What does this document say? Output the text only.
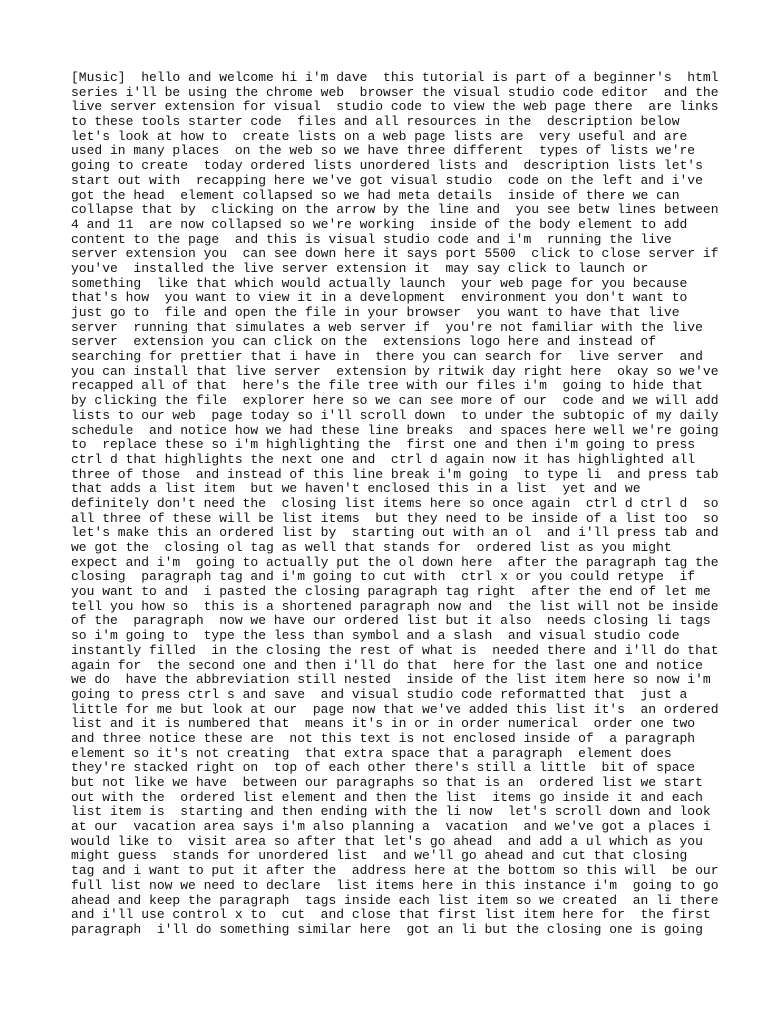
[Music]  hello and welcome hi i'm dave  this tutorial is part of a beginner's  html
series i'll be using the chrome web  browser the visual studio code editor  and the
live server extension for visual  studio code to view the web page there  are links
to these tools starter code  files and all resources in the  description below
let's look at how to  create lists on a web page lists are  very useful and are
used in many places  on the web so we have three different  types of lists we're
going to create  today ordered lists unordered lists and  description lists let's
start out with  recapping here we've got visual studio  code on the left and i've
got the head  element collapsed so we had meta details  inside of there we can
collapse that by  clicking on the arrow by the line and  you see betw lines between
4 and 11  are now collapsed so we're working  inside of the body element to add
content to the page  and this is visual studio code and i'm  running the live
server extension you  can see down here it says port 5500  click to close server if
you've  installed the live server extension it  may say click to launch or
something  like that which would actually launch  your web page for you because
that's how  you want to view it in a development  environment you don't want to
just go to  file and open the file in your browser  you want to have that live
server  running that simulates a web server if  you're not familiar with the live
server  extension you can click on the  extensions logo here and instead of
searching for prettier that i have in  there you can search for  live server  and
you can install that live server  extension by ritwik day right here  okay so we've
recapped all of that  here's the file tree with our files i'm  going to hide that
by clicking the file  explorer here so we can see more of our  code and we will add
lists to our web  page today so i'll scroll down  to under the subtopic of my daily
schedule  and notice how we had these line breaks  and spaces here well we're going
to  replace these so i'm highlighting the  first one and then i'm going to press
ctrl d that highlights the next one and  ctrl d again now it has highlighted all
three of those  and instead of this line break i'm going  to type li  and press tab
that adds a list item  but we haven't enclosed this in a list  yet and we
definitely don't need the  closing list items here so once again  ctrl d ctrl d  so
all three of these will be list items  but they need to be inside of a list too  so
let's make this an ordered list by  starting out with an ol  and i'll press tab and
we got the  closing ol tag as well that stands for  ordered list as you might
expect and i'm  going to actually put the ol down here  after the paragraph tag the
closing  paragraph tag and i'm going to cut with  ctrl x or you could retype  if
you want to and  i pasted the closing paragraph tag right  after the end of let me
tell you how so  this is a shortened paragraph now and  the list will not be inside
of the  paragraph  now we have our ordered list but it also  needs closing li tags
so i'm going to  type the less than symbol and a slash  and visual studio code
instantly filled  in the closing the rest of what is  needed there and i'll do that
again for  the second one and then i'll do that  here for the last one and notice
we do  have the abbreviation still nested  inside of the list item here so now i'm
going to press ctrl s and save  and visual studio code reformatted that  just a
little for me but look at our  page now that we've added this list it's  an ordered
list and it is numbered that  means it's in or in order numerical  order one two
and three notice these are  not this text is not enclosed inside of  a paragraph
element so it's not creating  that extra space that a paragraph  element does
they're stacked right on  top of each other there's still a little  bit of space
but not like we have  between our paragraphs so that is an  ordered list we start
out with the  ordered list element and then the list  items go inside it and each
list item is  starting and then ending with the li now  let's scroll down and look
at our  vacation area says i'm also planning a  vacation  and we've got a places i
would like to  visit area so after that let's go ahead  and add a ul which as you
might guess  stands for unordered list  and we'll go ahead and cut that closing
tag and i want to put it after the  address here at the bottom so this will  be our
full list now we need to declare  list items here in this instance i'm  going to go
ahead and keep the paragraph  tags inside each list item so we created  an li there
and i'll use control x to  cut  and close that first list item here for  the first
paragraph  i'll do something similar here  got an li but the closing one is going
